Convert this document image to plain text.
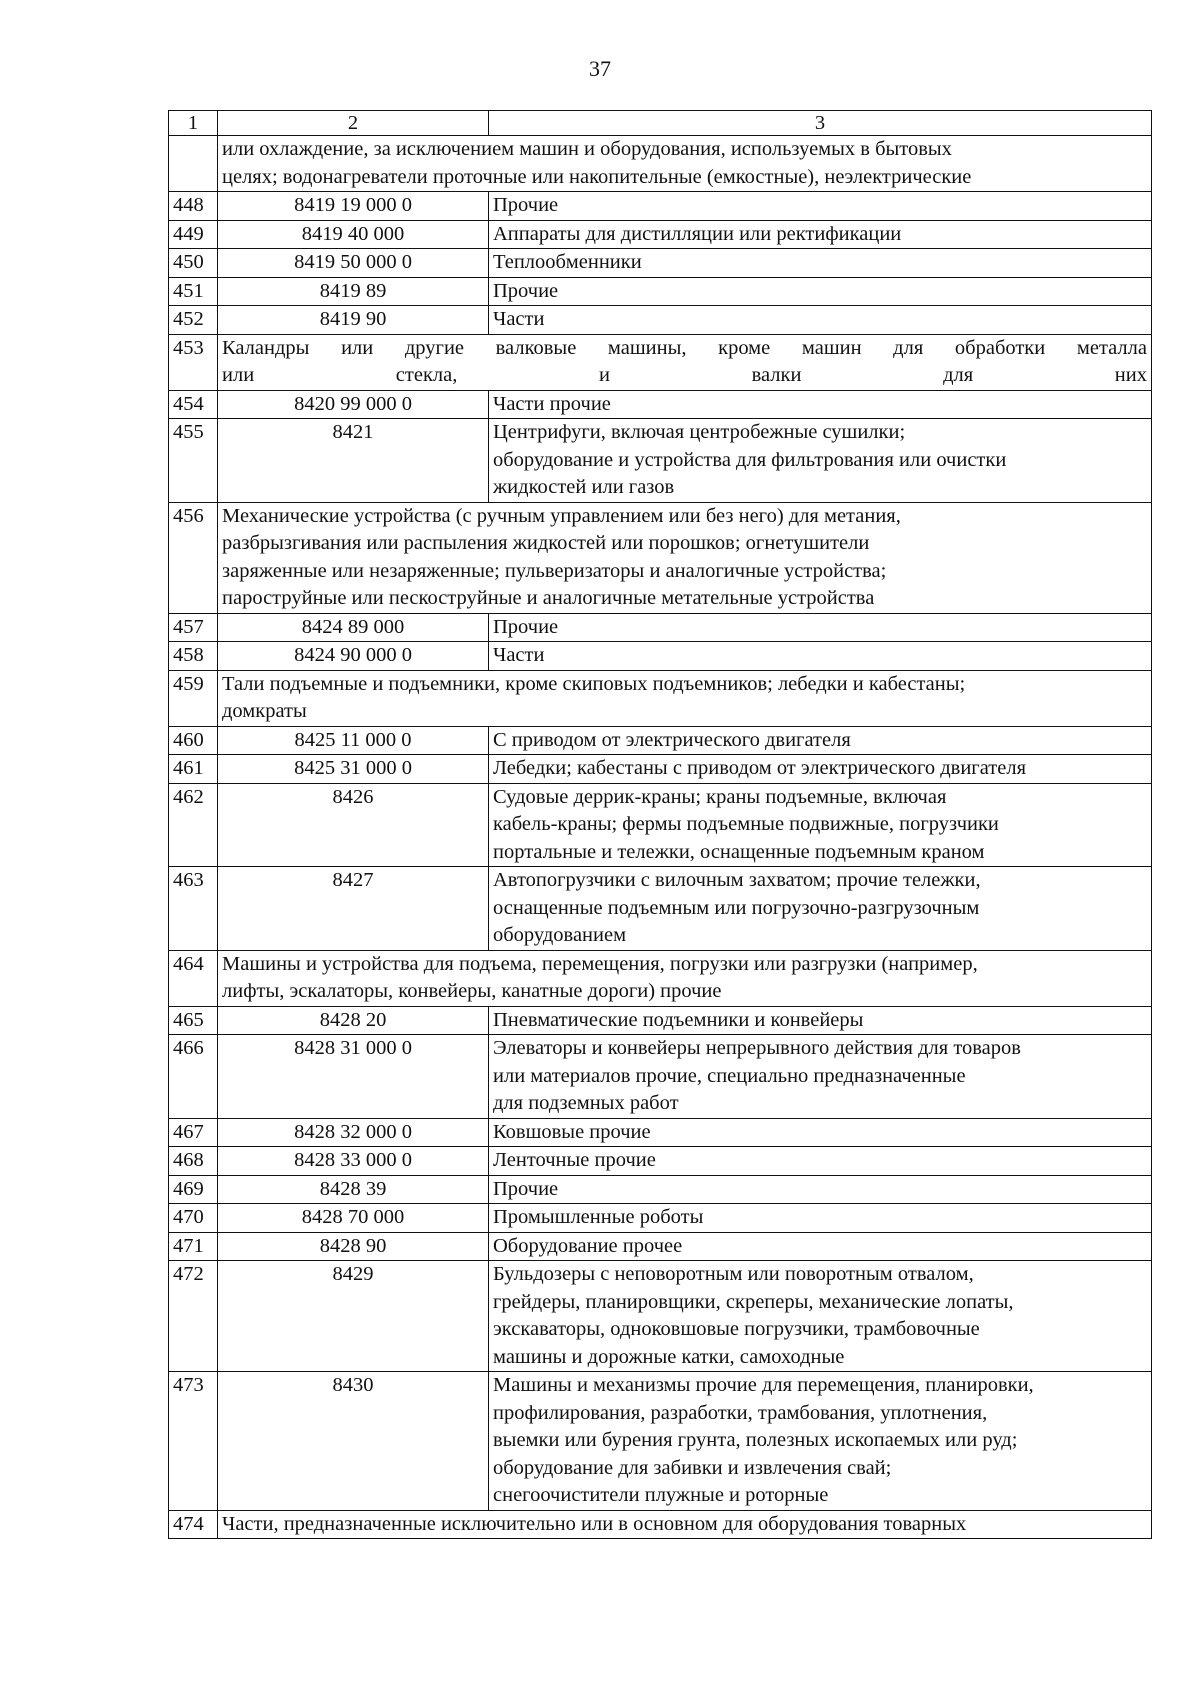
37
1	2	3

	или охлаждение, за исключением машин и оборудования, используемых в бытовых
целях; водонагреватели проточные или накопительные (емкостные), неэлектрические	

448	8419 19 000 0	Прочие

449	8419 40 000	Аппараты для дистилляции или ректификации

450	8419 50 000 0	Теплообменники

451	8419 89	Прочие

452	8419 90	Части

453	Каландры или другие валковые машины, кроме машин для обработки металла
или стекла, и валки для них	

454	8420 99 000 0	Части прочие

455	8421	Центрифуги, включая центробежные сушилки;
оборудование и устройства для фильтрования или очистки
жидкостей или газов

456	Механические устройства (с ручным управлением или без него) для метания,
разбрызгивания или распыления жидкостей или порошков; огнетушители
заряженные или незаряженные; пульверизаторы и аналогичные устройства;
пароструйные или пескоструйные и аналогичные метательные устройства	

457	8424 89 000	Прочие

458	8424 90 000 0	Части

459	Тали подъемные и подъемники, кроме скиповых подъемников; лебедки и кабестаны;
домкраты	

460	8425 11 000 0	С приводом от электрического двигателя

461	8425 31 000 0	Лебедки; кабестаны с приводом от электрического двигателя

462	8426	Судовые деррик-краны; краны подъемные, включая
кабель-краны; фермы подъемные подвижные, погрузчики
портальные и тележки, оснащенные подъемным краном

463	8427	Автопогрузчики с вилочным захватом; прочие тележки,
оснащенные подъемным или погрузочно-разгрузочным
оборудованием

464	Машины и устройства для подъема, перемещения, погрузки или разгрузки (например,
лифты, эскалаторы, конвейеры, канатные дороги) прочие	

465	8428 20	Пневматические подъемники и конвейеры

466	8428 31 000 0	Элеваторы и конвейеры непрерывного действия для товаров
или материалов прочие, специально предназначенные
для подземных работ

467	8428 32 000 0	Ковшовые прочие

468	8428 33 000 0	Ленточные прочие

469	8428 39	Прочие

470	8428 70 000	Промышленные роботы

471	8428 90	Оборудование прочее

472	8429	Бульдозеры с неповоротным или поворотным отвалом,
грейдеры, планировщики, скреперы, механические лопаты,
экскаваторы, одноковшовые погрузчики, трамбовочные
машины и дорожные катки, самоходные

473	8430	Машины и механизмы прочие для перемещения, планировки,
профилирования, разработки, трамбования, уплотнения,
выемки или бурения грунта, полезных ископаемых или руд;
оборудование для забивки и извлечения свай;
снегоочистители плужные и роторные

474	Части, предназначенные исключительно или в основном для оборудования товарных	
